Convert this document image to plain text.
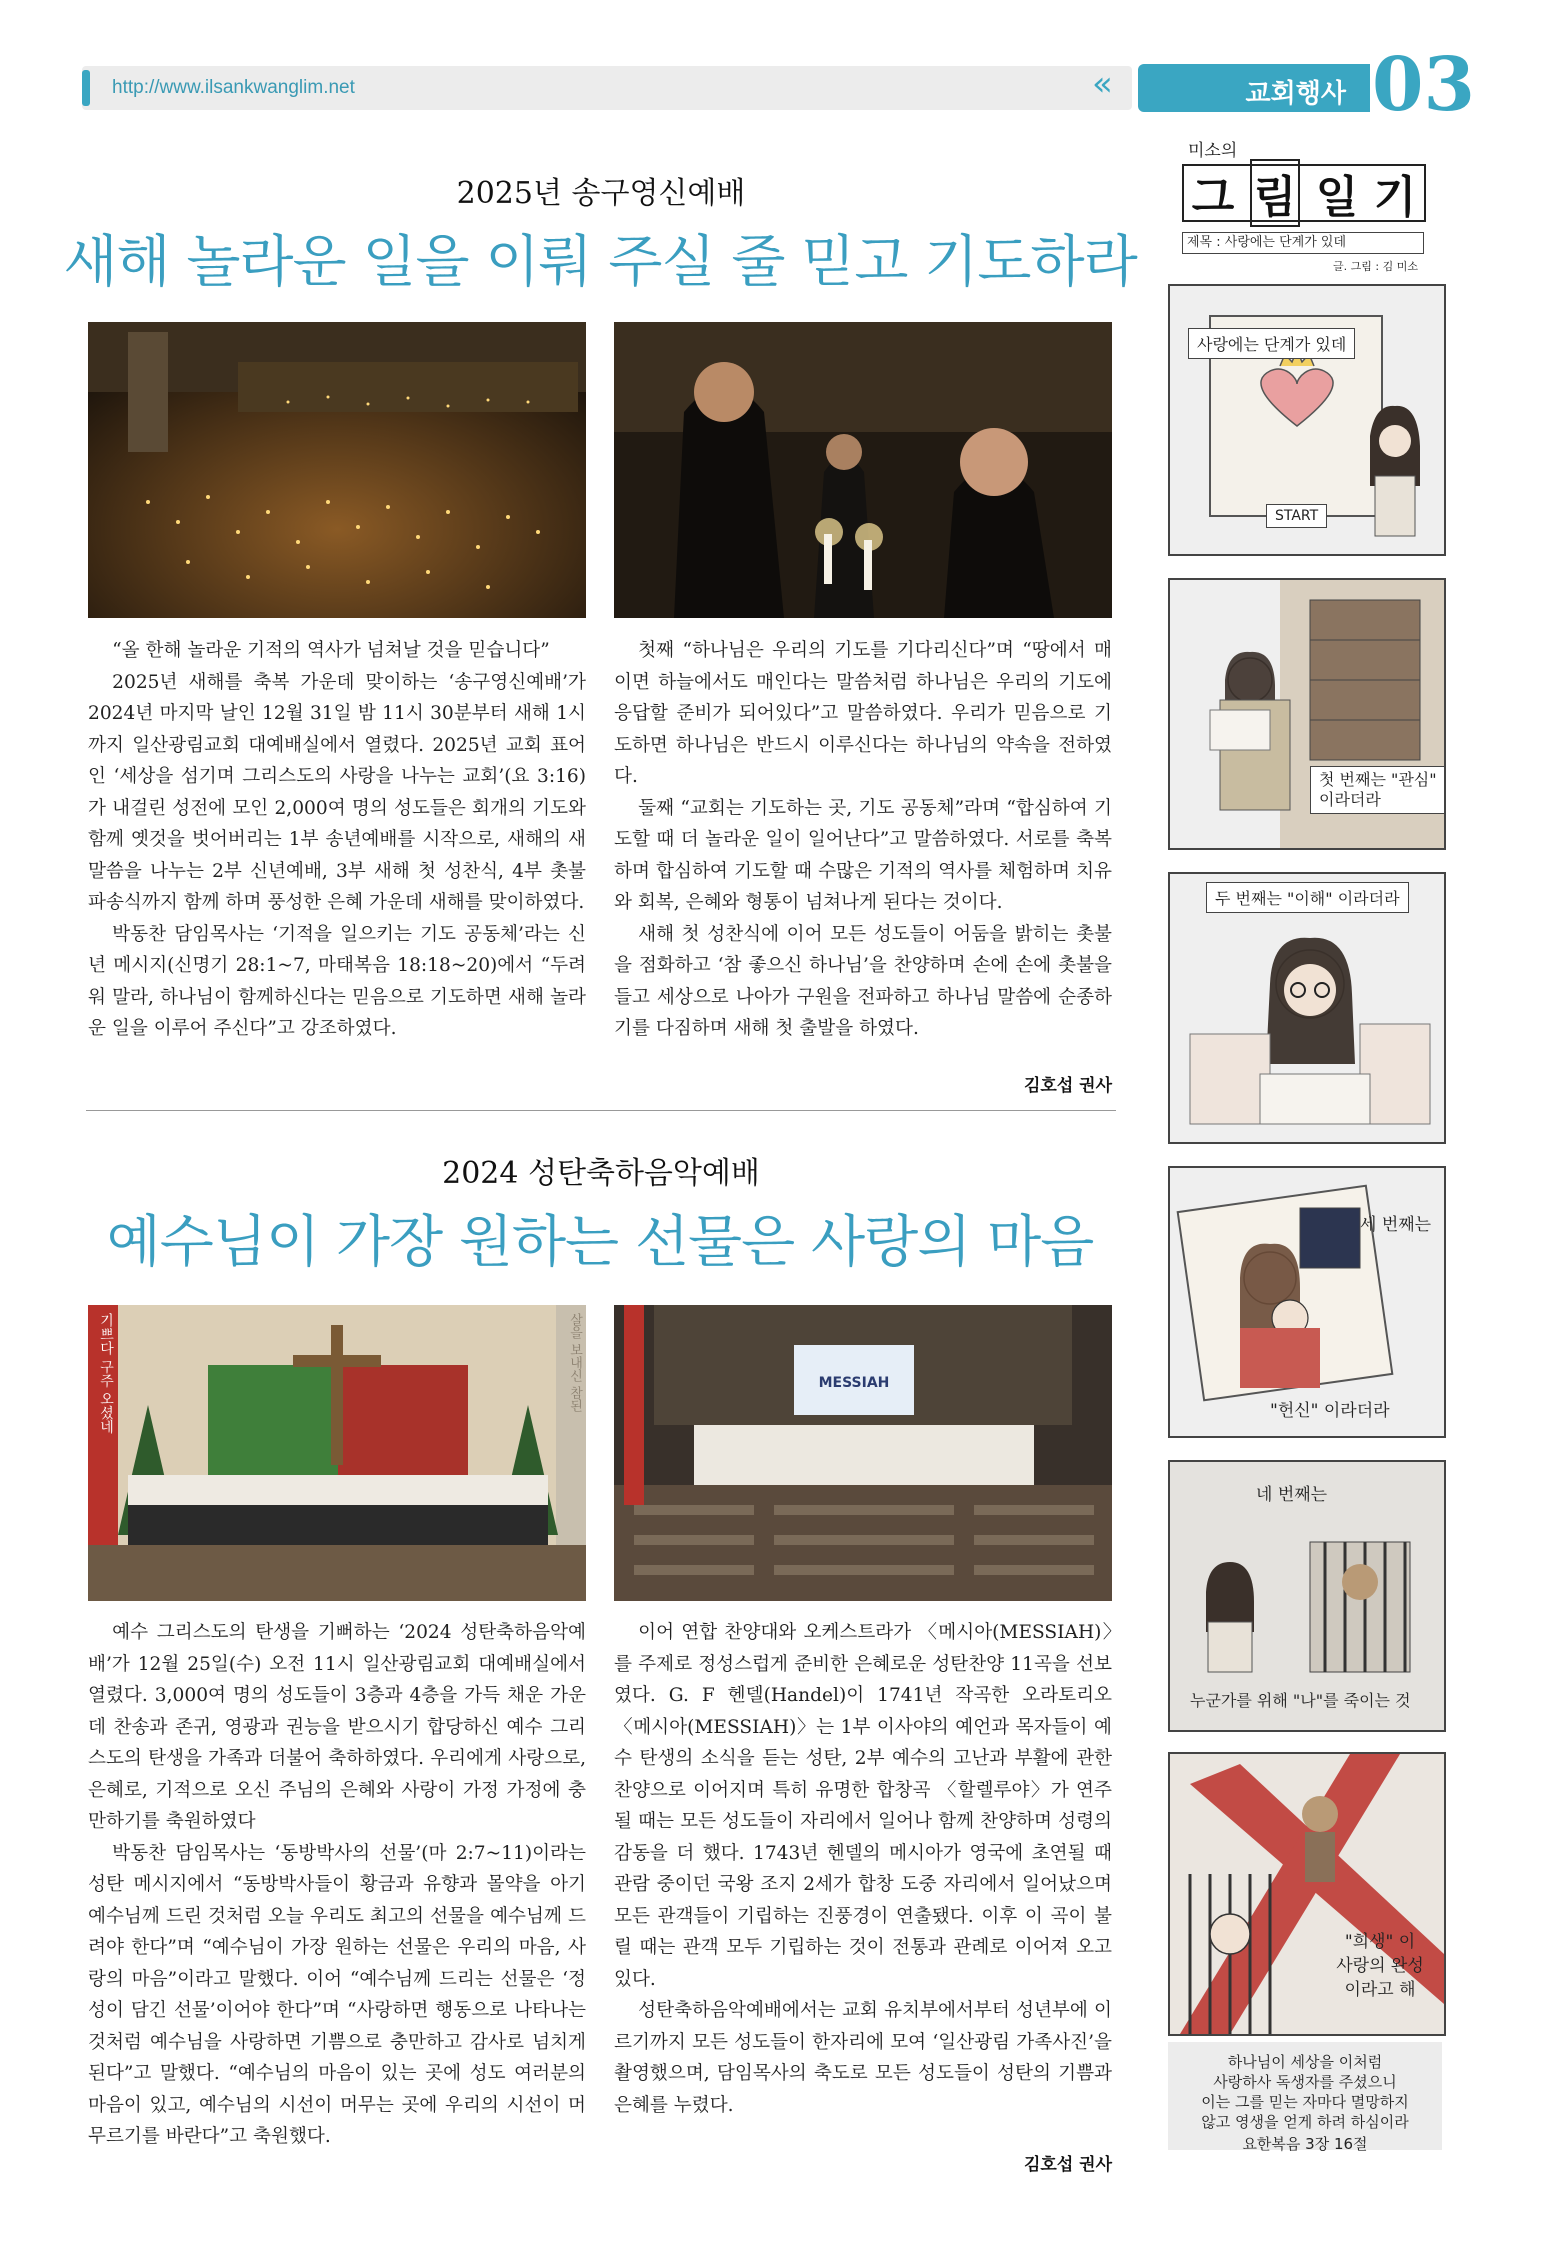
http://www.ilsankwanglim.net	«	교회행사 03
2025년 송구영신예배
새해 놀라운 일을 이뤄 주실 줄 믿고 기도하라

“올 한해 놀라운 기적의 역사가 넘쳐날 것을 믿습니다”

2025년 새해를 축복 가운데 맞이하는 ‘송구영신예배’가 2024년 마지막 날인 12월 31일 밤 11시 30분부터 새해 1시까지 일산광림교회 대예배실에서 열렸다. 2025년 교회 표어인 ‘세상을 섬기며 그리스도의 사랑을 나누는 교회’(요 3:16)가 내걸린 성전에 모인 2,000여 명의 성도들은 회개의 기도와 함께 옛것을 벗어버리는 1부 송년예배를 시작으로, 새해의 새 말씀을 나누는 2부 신년예배, 3부 새해 첫 성찬식, 4부 촛불 파송식까지 함께 하며 풍성한 은혜 가운데 새해를 맞이하였다.

박동찬 담임목사는 ‘기적을 일으키는 기도 공동체’라는 신년 메시지(신명기 28:1~7, 마태복음 18:18~20)에서 “두려워 말라, 하나님이 함께하신다는 믿음으로 기도하면 새해 놀라운 일을 이루어 주신다”고 강조하였다.

첫째 “하나님은 우리의 기도를 기다리신다”며 “땅에서 매이면 하늘에서도 매인다는 말씀처럼 하나님은 우리의 기도에 응답할 준비가 되어있다”고 말씀하였다. 우리가 믿음으로 기도하면 하나님은 반드시 이루신다는 하나님의 약속을 전하였다.

둘째 “교회는 기도하는 곳, 기도 공동체”라며 “합심하여 기도할 때 더 놀라운 일이 일어난다”고 말씀하였다. 서로를 축복하며 합심하여 기도할 때 수많은 기적의 역사를 체험하며 치유와 회복, 은혜와 형통이 넘쳐나게 된다는 것이다.

새해 첫 성찬식에 이어 모든 성도들이 어둠을 밝히는 촛불을 점화하고 ‘참 좋으신 하나님’을 찬양하며 손에 손에 촛불을 들고 세상으로 나아가 구원을 전파하고 하나님 말씀에 순종하기를 다짐하며 새해 첫 출발을 하였다.

김호섭 권사
2024 성탄축하음악예배
예수님이 가장 원하는 선물은 사랑의 마음
기쁘다 구주 오셨네	살을 보내신 참된	MESSIAH

예수 그리스도의 탄생을 기뻐하는 ‘2024 성탄축하음악예배’가 12월 25일(수) 오전 11시 일산광림교회 대예배실에서 열렸다. 3,000여 명의 성도들이 3층과 4층을 가득 채운 가운데 찬송과 존귀, 영광과 권능을 받으시기 합당하신 예수 그리스도의 탄생을 가족과 더불어 축하하였다. 우리에게 사랑으로, 은혜로, 기적으로 오신 주님의 은혜와 사랑이 가정 가정에 충만하기를 축원하였다

박동찬 담임목사는 ‘동방박사의 선물’(마 2:7~11)이라는 성탄 메시지에서 “동방박사들이 황금과 유향과 몰약을 아기 예수님께 드린 것처럼 오늘 우리도 최고의 선물을 예수님께 드려야 한다”며 “예수님이 가장 원하는 선물은 우리의 마음, 사랑의 마음”이라고 말했다. 이어 “예수님께 드리는 선물은 ‘정성이 담긴 선물’이어야 한다”며 “사랑하면 행동으로 나타나는 것처럼 예수님을 사랑하면 기쁨으로 충만하고 감사로 넘치게 된다”고 말했다. “예수님의 마음이 있는 곳에 성도 여러분의 마음이 있고, 예수님의 시선이 머무는 곳에 우리의 시선이 머무르기를 바란다”고 축원했다.

이어 연합 찬양대와 오케스트라가 〈메시아(MESSIAH)〉를 주제로 정성스럽게 준비한 은혜로운 성탄찬양 11곡을 선보였다. G. F 헨델(Handel)이 1741년 작곡한 오라토리오 〈메시아(MESSIAH)〉는 1부 이사야의 예언과 목자들이 예수 탄생의 소식을 듣는 성탄, 2부 예수의 고난과 부활에 관한 찬양으로 이어지며 특히 유명한 합창곡 〈할렐루야〉가 연주될 때는 모든 성도들이 자리에서 일어나 함께 찬양하며 성령의 감동을 더 했다. 1743년 헨델의 메시아가 영국에 초연될 때 관람 중이던 국왕 조지 2세가 합창 도중 자리에서 일어났으며 모든 관객들이 기립하는 진풍경이 연출됐다. 이후 이 곡이 불릴 때는 관객 모두 기립하는 것이 전통과 관례로 이어져 오고 있다.

성탄축하음악예배에서는 교회 유치부에서부터 성년부에 이르기까지 모든 성도들이 한자리에 모여 ‘일산광림 가족사진’을 촬영했으며, 담임목사의 축도로 모든 성도들이 성탄의 기쁨과 은혜를 누렸다.

김호섭 권사
미소의
그 림 일 기
제목 : 사랑에는 단계가 있데
글. 그림 : 김 미소
사랑에는 단계가 있데
START
첫 번째는 "관심"
이라더라
두 번째는 "이해" 이라더라
세 번째는
"헌신" 이라더라
네 번째는
누군가를 위해 "나"를 죽이는 것
"희생" 이
사랑의 완성
이라고 해
하나님이 세상을 이처럼
사랑하사 독생자를 주셨으니
이는 그를 믿는 자마다 멸망하지
않고 영생을 얻게 하려 하심이라
요한복음 3장 16절
